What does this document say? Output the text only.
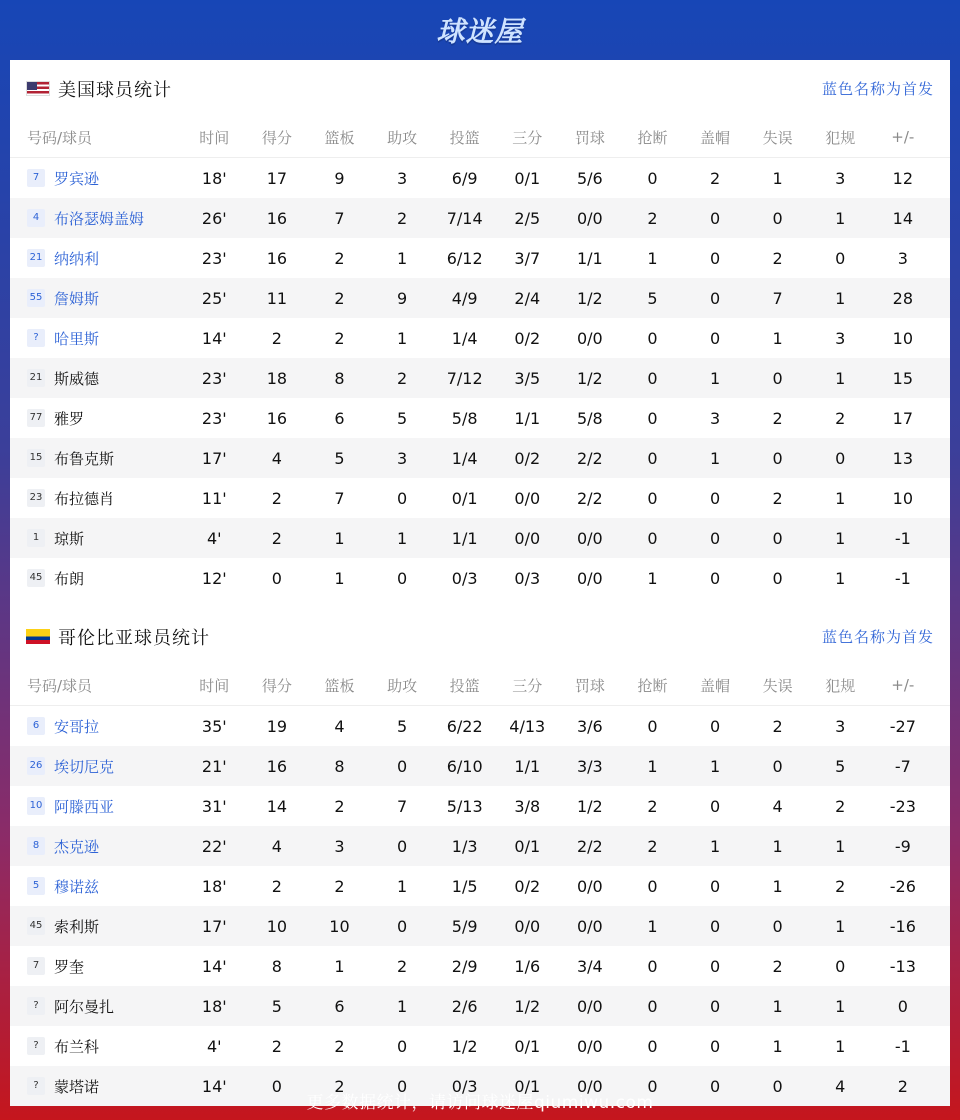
球迷屋
美国球员统计	蓝色名称为首发
号码/球员	时间	得分	篮板	助攻	投篮	三分	罚球	抢断	盖帽	失误	犯规	+/-
7 罗宾逊	18'	17	9	3	6/9	0/1	5/6	0	2	1	3	12
4 布洛瑟姆盖姆	26'	16	7	2	7/14	2/5	0/0	2	0	0	1	14
21 纳纳利	23'	16	2	1	6/12	3/7	1/1	1	0	2	0	3
55 詹姆斯	25'	11	2	9	4/9	2/4	1/2	5	0	7	1	28
?	哈里斯	14'	2	2	1	1/4	0/2	0/0	0	0	1	3	10
21 斯威德	23'	18	8	2	7/12	3/5	1/2	0	1	0	1	15
77 雅罗	23'	16	6	5	5/8	1/1	5/8	0	3	2	2	17
15 布鲁克斯	17'	4	5	3	1/4	0/2	2/2	0	1	0	0	13
23 布拉德肖	11'	2	7	0	0/1	0/0	2/2	0	0	2	1	10
1 琼斯	4'	2	1	1	1/1	0/0	0/0	0	0	0	1	-1
45 布朗	12'	0	1	0	0/3	0/3	0/0	1	0	0	1	-1
哥伦比亚球员统计	蓝色名称为首发
号码/球员	时间	得分	篮板	助攻	投篮	三分	罚球	抢断	盖帽	失误	犯规	+/-
6 安哥拉	35'	19	4	5	6/22	4/13	3/6	0	0	2	3	-27
26 埃切尼克	21'	16	8	0	6/10	1/1	3/3	1	1	0	5	-7
10 阿滕西亚	31'	14	2	7	5/13	3/8	1/2	2	0	4	2	-23
8 杰克逊	22'	4	3	0	1/3	0/1	2/2	2	1	1	1	-9
5 穆诺兹	18'	2	2	1	1/5	0/2	0/0	0	0	1	2	-26
45 索利斯	17'	10	10	0	5/9	0/0	0/0	1	0	0	1	-16
7 罗奎	14'	8	1	2	2/9	1/6	3/4	0	0	2	0	-13
?	阿尔曼扎	18'	5	6	1	2/6	1/2	0/0	0	0	1	1	0
?	布兰科	4'	2	2	0	1/2	0/1	0/0	0	0	1	1	-1
?	蒙塔诺	14'	0	2	0	0/3	0/1	0/0	0	0	0	4	2
更多数据统计，请访问球迷屋qiumiwu.com
